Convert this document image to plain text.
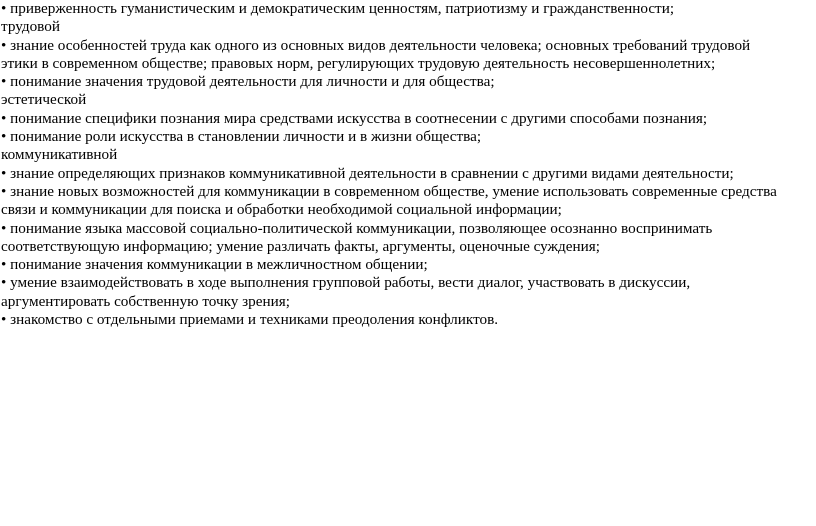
• приверженность гуманистическим и демократическим ценностям, патриотизму и гражданственности;
трудовой
• знание особенностей труда как одного из основных видов деятельности человека; основных требований трудовой
этики в современном обществе; правовых норм, регулирующих трудовую деятельность несовершеннолетних;
• понимание значения трудовой деятельности для личности и для общества;
эстетической
• понимание специфики познания мира средствами искусства в соотнесении с другими способами познания;
• понимание роли искусства в становлении личности и в жизни общества;
коммуникативной
• знание определяющих признаков коммуникативной деятельности в сравнении с другими видами деятельности;
• знание новых возможностей для коммуникации в современном обществе, умение использовать современные средства
связи и коммуникации для поиска и обработки необходимой социальной информации;
• понимание языка массовой социально-политической коммуникации, позволяющее осознанно воспринимать
соответствующую информацию; умение различать факты, аргументы, оценочные суждения;
• понимание значения коммуникации в межличностном общении;
• умение взаимодействовать в ходе выполнения групповой работы, вести диалог, участвовать в дискуссии,
аргументировать собственную точку зрения;
• знакомство с отдельными приемами и техниками преодоления конфликтов.
